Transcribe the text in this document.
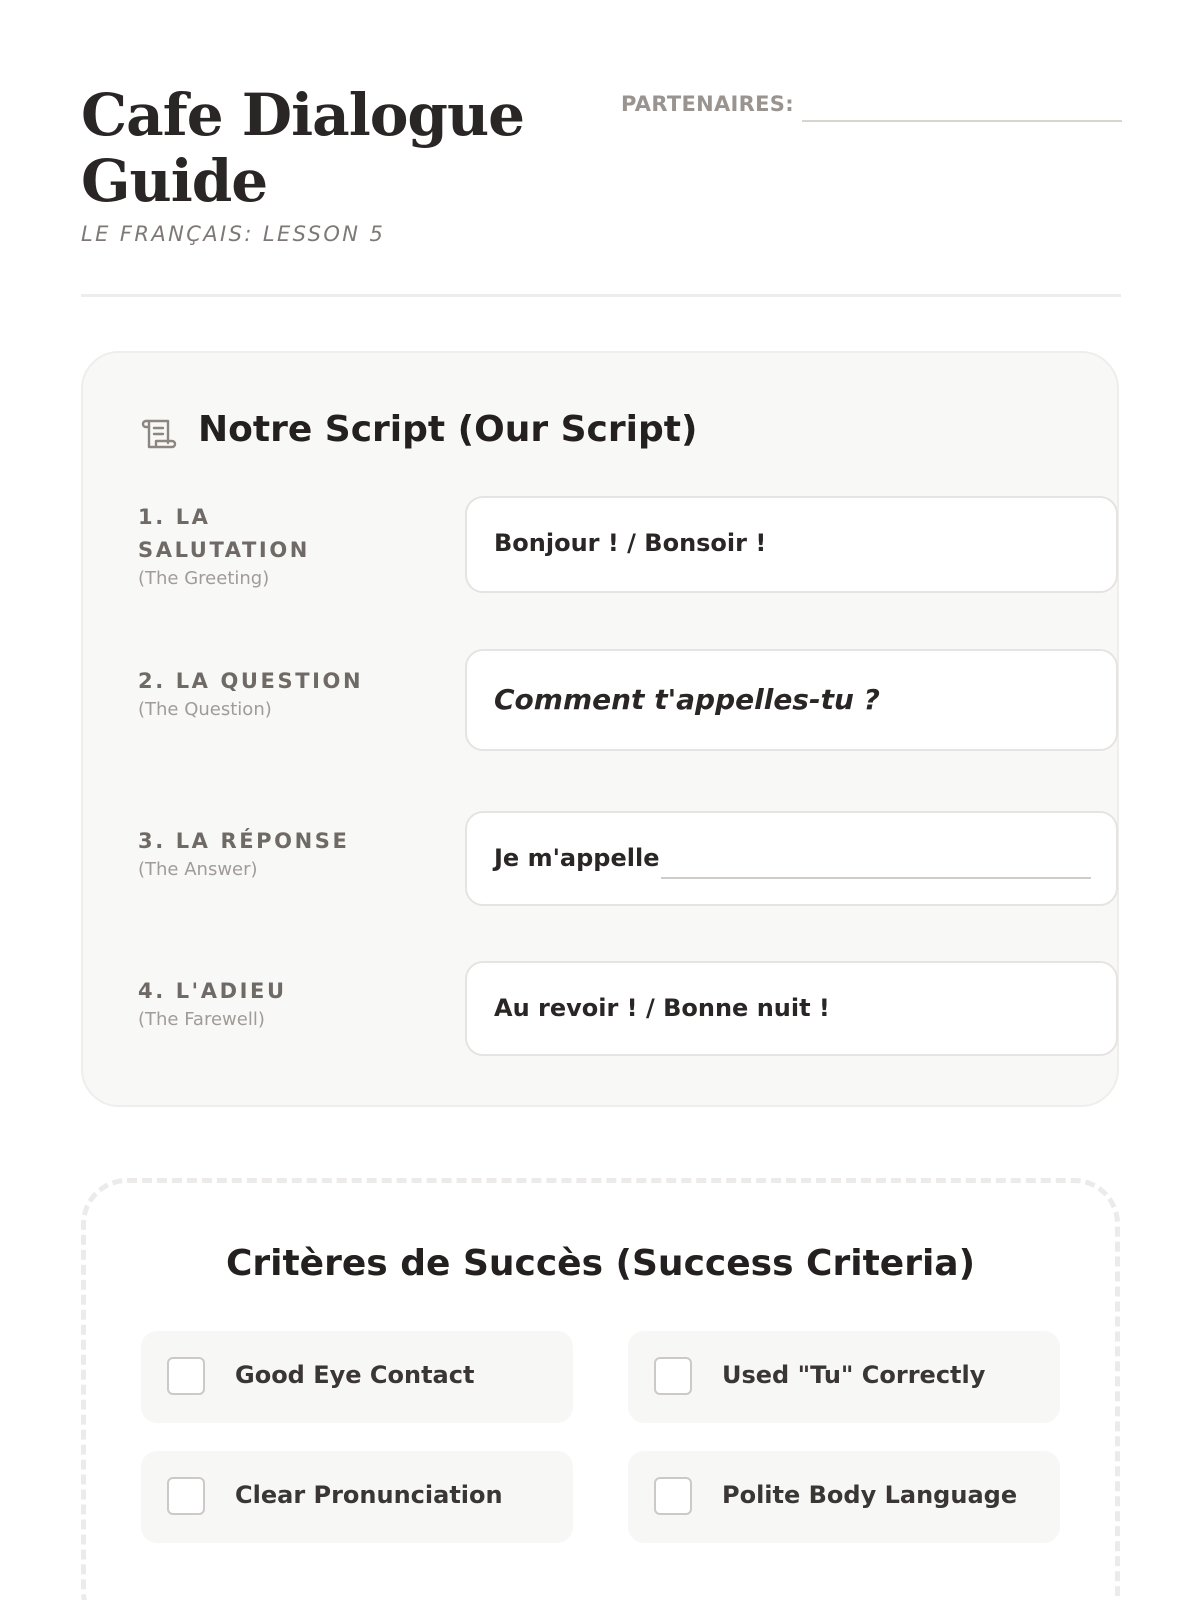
Cafe Dialogue Guide
LE FRANÇAIS: LESSON 5
PARTENAIRES:
Notre Script (Our Script)
1. LA SALUTATION
(The Greeting)
Bonjour ! / Bonsoir !
2. LA QUESTION
(The Question)	Comment t'appelles-tu ?
3. LA RÉPONSE
(The Answer)	Je m'appelle
4. L'ADIEU
(The Farewell)	Au revoir ! / Bonne nuit !
Critères de Succès (Success Criteria)
Good Eye Contact	Used "Tu" Correctly
Clear Pronunciation	Polite Body Language
